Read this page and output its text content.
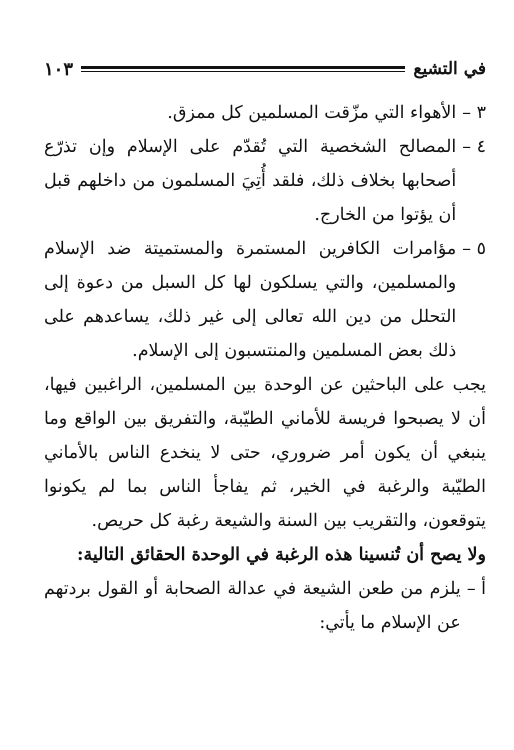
في التشيع
١٠٣
٣ –
الأهواء التي مزّقت المسلمين كل ممزق.
٤ –
المصالح الشخصية التي تُقدّم على الإسلام وإن تذرّع أصحابها بخلاف ذلك، فلقد أُتِيَ المسلمون من داخلهم قبل أن يؤتوا من الخارج.
٥ –
مؤامرات الكافرين المستمرة والمستميتة ضد الإسلام والمسلمين، والتي يسلكون لها كل السبل من دعوة إلى التحلل من دين الله تعالى إلى غير ذلك، يساعدهم على ذلك بعض المسلمين والمنتسبون إلى الإسلام.

يجب على الباحثين عن الوحدة بين المسلمين، الراغبين فيها، أن لا يصبحوا فريسة للأماني الطيّبة، والتفريق بين الواقع وما ينبغي أن يكون أمر ضروري، حتى لا ينخدع الناس بالأماني الطيّبة والرغبة في الخير، ثم يفاجأ الناس بما لم يكونوا يتوقعون، والتقريب بين السنة والشيعة رغبة كل حريص.

ولا يصح أن تُنسينا هذه الرغبة في الوحدة الحقائق التالية:

أ –
يلزم من طعن الشيعة في عدالة الصحابة أو القول بردتهم عن الإسلام ما يأتي:
